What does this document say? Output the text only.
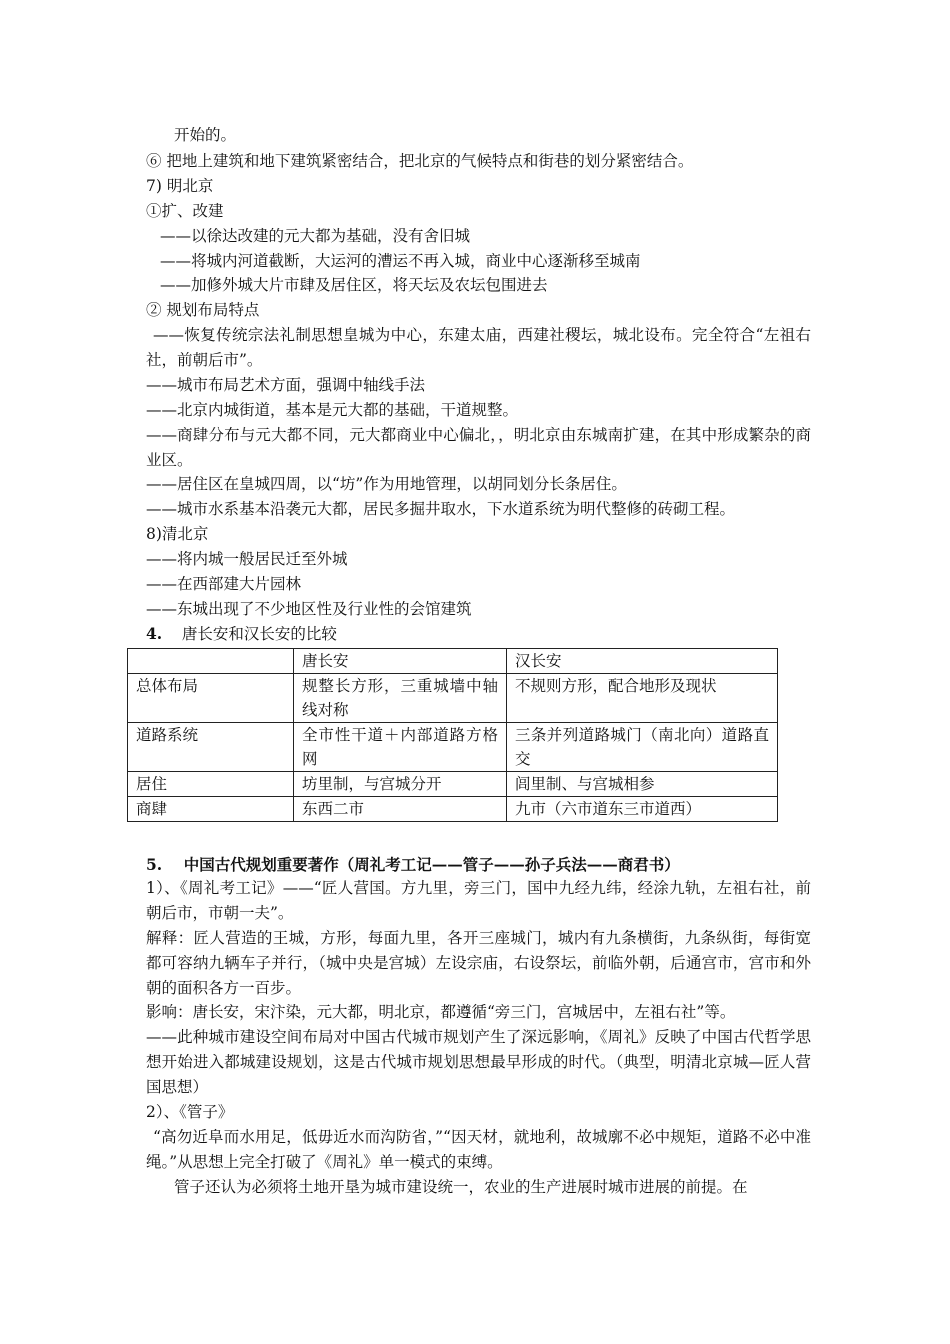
开始的。

⑥ 把地上建筑和地下建筑紧密结合，把北京的气候特点和街巷的划分紧密结合。

7) 明北京

①扩、改建

——以徐达改建的元大都为基础，没有舍旧城

——将城内河道截断，大运河的漕运不再入城，商业中心逐渐移至城南

——加修外城大片市肆及居住区，将天坛及农坛包围进去

② 规划布局特点

——恢复传统宗法礼制思想皇城为中心，东建太庙，西建社稷坛，城北设布。完全符合“左祖右社，前朝后市”。

——城市布局艺术方面，强调中轴线手法

——北京内城街道，基本是元大都的基础，干道规整。

——商肆分布与元大都不同，元大都商业中心偏北，，明北京由东城南扩建，在其中形成繁杂的商业区。

——居住区在皇城四周，以“坊”作为用地管理，以胡同划分长条居住。

——城市水系基本沿袭元大都，居民多掘井取水，下水道系统为明代整修的砖砌工程。

8)清北京

——将内城一般居民迁至外城

——在西部建大片园林

——东城出现了不少地区性及行业性的会馆建筑

4. 唐长安和汉长安的比较

	唐长安	汉长安
总体布局	规整长方形，三重城墙中轴线对称	不规则方形，配合地形及现状
道路系统	全市性干道＋内部道路方格网	三条并列道路城门（南北向）道路直交
居住	坊里制，与宫城分开	闾里制、与宫城相参
商肆	东西二市	九市（六市道东三市道西）

5. 中国古代规划重要著作（周礼考工记——管子——孙子兵法——商君书）

1）、《周礼考工记》——“匠人营国。方九里，旁三门，国中九经九纬，经涂九轨，左祖右社，前朝后市，市朝一夫”。

解释：匠人营造的王城，方形，每面九里，各开三座城门，城内有九条横街，九条纵街，每街宽都可容纳九辆车子并行，（城中央是宫城）左设宗庙，右设祭坛，前临外朝，后通宫市，宫市和外朝的面积各方一百步。

影响：唐长安，宋汴染，元大都，明北京，都遵循“旁三门，宫城居中，左祖右社”等。

——此种城市建设空间布局对中国古代城市规划产生了深远影响，《周礼》反映了中国古代哲学思想开始进入都城建设规划，这是古代城市规划思想最早形成的时代。（典型，明清北京城—匠人营国思想）

2）、《管子》

“高勿近阜而水用足，低毋近水而沟防省，”“因天材，就地利，故城廓不必中规矩，道路不必中准绳。”从思想上完全打破了《周礼》单一模式的束缚。

管子还认为必须将土地开垦为城市建设统一，农业的生产进展时城市进展的前提。在
